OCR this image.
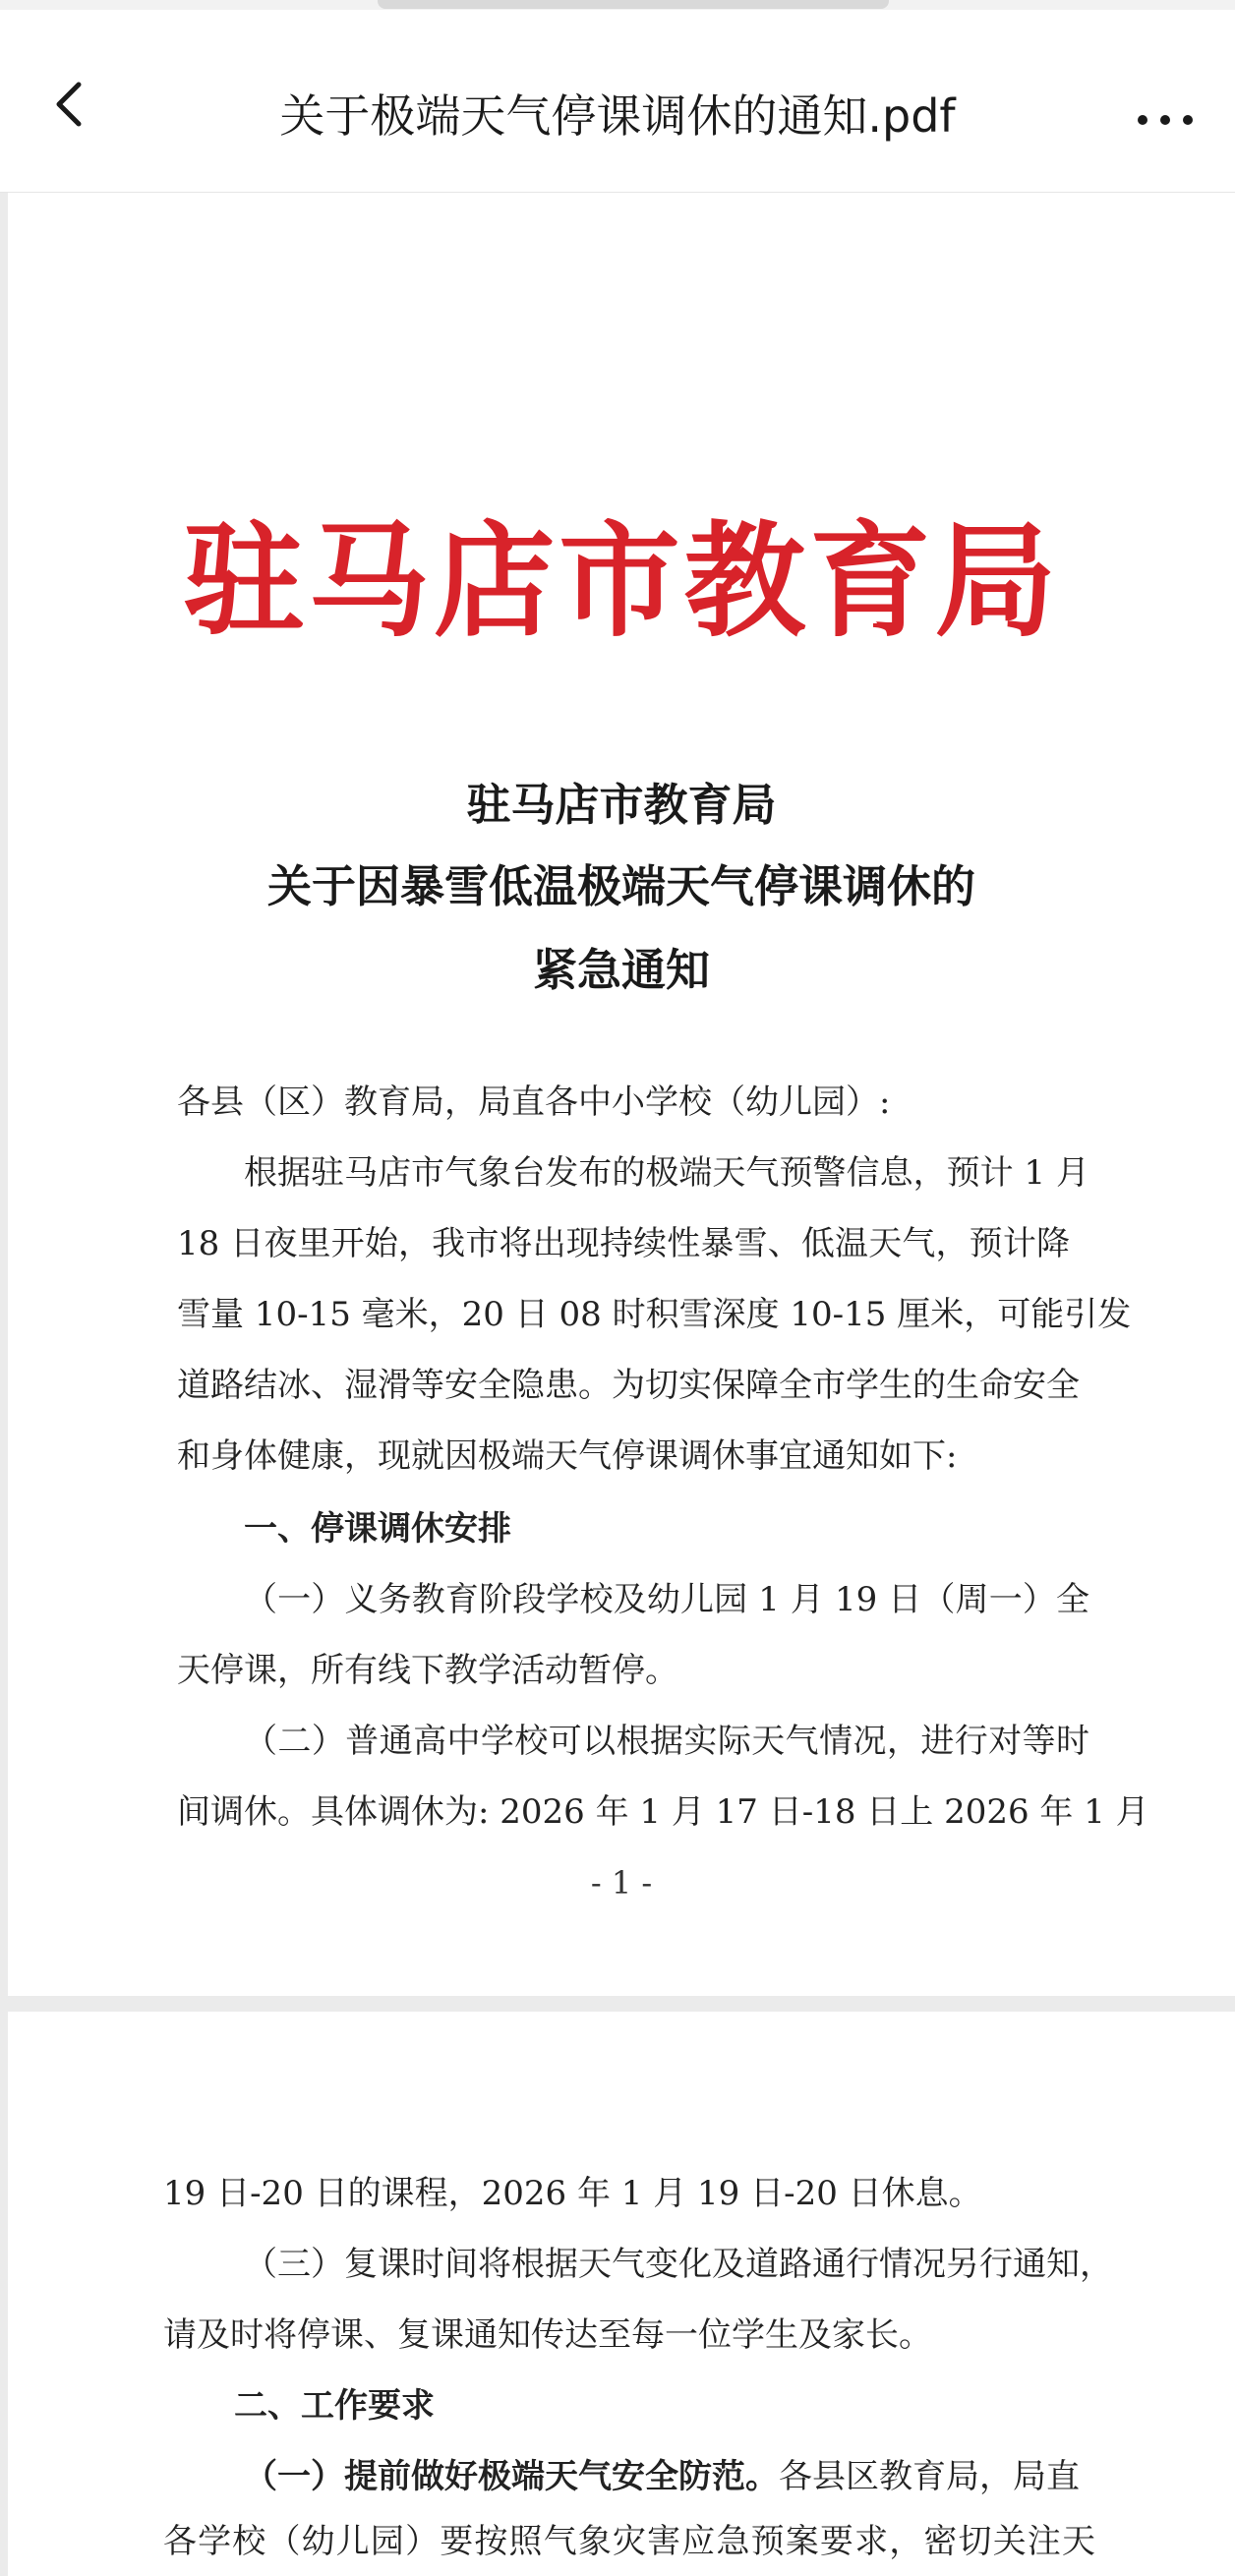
关于极端天气停课调休的通知.pdf
驻马店市教育局
驻马店市教育局
关于因暴雪低温极端天气停课调休的
紧急通知
各县（区）教育局，局直各中小学校（幼儿园）:
根据驻马店市气象台发布的极端天气预警信息，预计 1 月
18 日夜里开始，我市将出现持续性暴雪、低温天气，预计降
雪量 10-15 毫米，20 日 08 时积雪深度 10-15 厘米，可能引发
道路结冰、湿滑等安全隐患。为切实保障全市学生的生命安全
和身体健康，现就因极端天气停课调休事宜通知如下:
一、停课调休安排
（一）义务教育阶段学校及幼儿园 1 月 19 日（周一）全
天停课，所有线下教学活动暂停。
（二）普通高中学校可以根据实际天气情况，进行对等时
间调休。具体调休为: 2026 年 1 月 17 日-18 日上 2026 年 1 月
- 1 -
19 日-20 日的课程，2026 年 1 月 19 日-20 日休息。
（三）复课时间将根据天气变化及道路通行情况另行通知，
请及时将停课、复课通知传达至每一位学生及家长。
二、工作要求
（一）提前做好极端天气安全防范。各县区教育局，局直
各学校（幼儿园）要按照气象灾害应急预案要求，密切关注天
